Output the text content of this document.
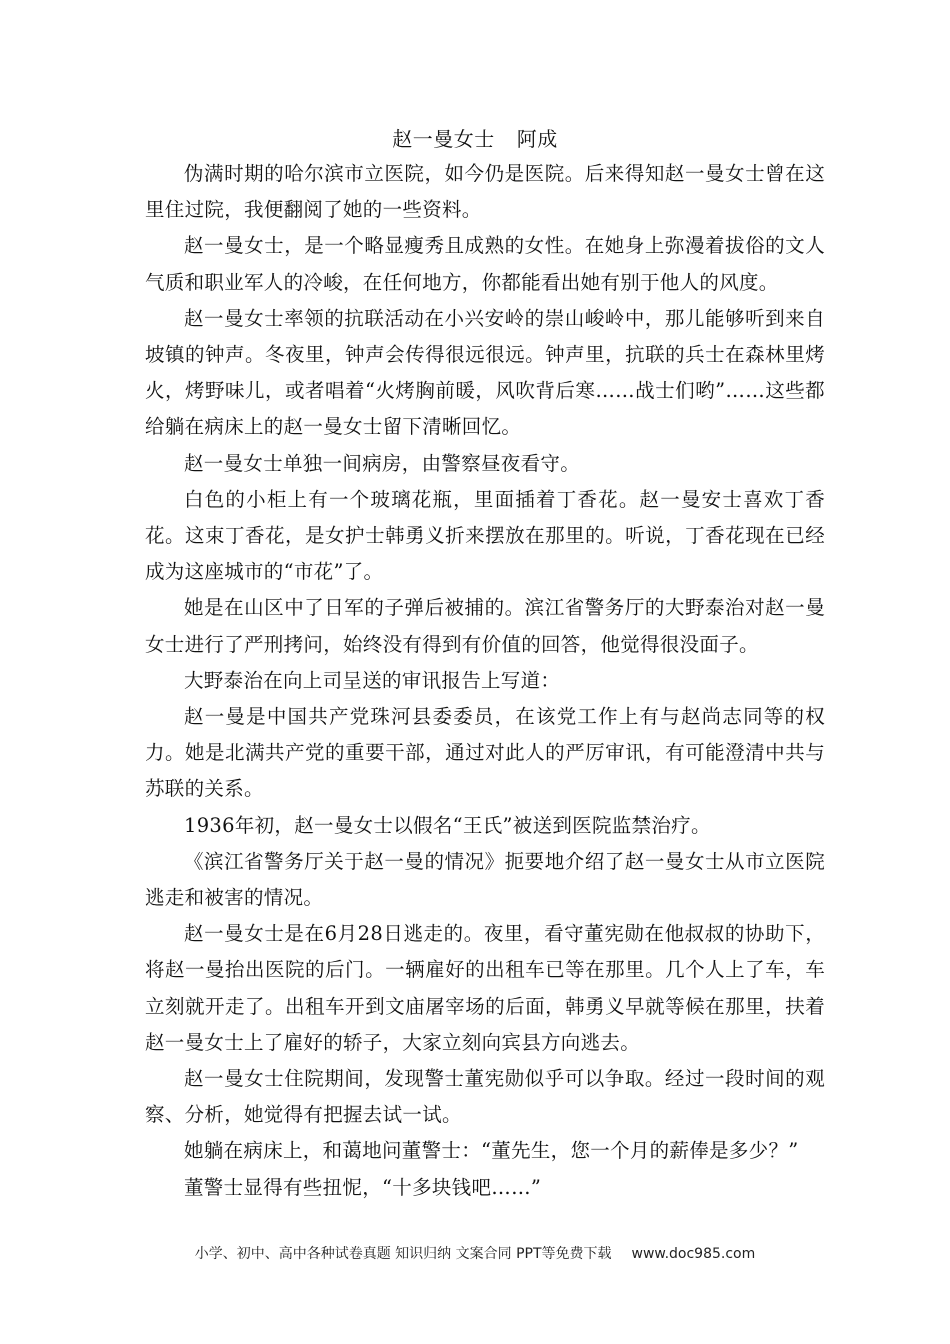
赵一曼女士 阿成

伪满时期的哈尔滨市立医院，如今仍是医院。后来得知赵一曼女士曾在这里住过院，我便翻阅了她的一些资料。

赵一曼女士，是一个略显瘦秀且成熟的女性。在她身上弥漫着拔俗的文人气质和职业军人的冷峻，在任何地方，你都能看出她有别于他人的风度。

赵一曼女士率领的抗联活动在小兴安岭的崇山峻岭中，那儿能够听到来自坡镇的钟声。冬夜里，钟声会传得很远很远。钟声里，抗联的兵士在森林里烤火，烤野味儿，或者唱着“火烤胸前暖，风吹背后寒……战士们哟”……这些都给躺在病床上的赵一曼女士留下清晰回忆。

赵一曼女士单独一间病房，由警察昼夜看守。

白色的小柜上有一个玻璃花瓶，里面插着丁香花。赵一曼安士喜欢丁香花。这束丁香花，是女护士韩勇义折来摆放在那里的。听说，丁香花现在已经成为这座城市的“市花”了。

她是在山区中了日军的子弹后被捕的。滨江省警务厅的大野泰治对赵一曼女士进行了严刑拷问，始终没有得到有价值的回答，他觉得很没面子。

大野泰治在向上司呈送的审讯报告上写道：

赵一曼是中国共产党珠河县委委员，在该党工作上有与赵尚志同等的权力。她是北满共产党的重要干部，通过对此人的严厉审讯，有可能澄清中共与苏联的关系。

1936年初，赵一曼女士以假名“王氏”被送到医院监禁治疗。

《滨江省警务厅关于赵一曼的情况》扼要地介绍了赵一曼女士从市立医院逃走和被害的情况。

赵一曼女士是在6月28日逃走的。夜里，看守董宪勋在他叔叔的协助下，将赵一曼抬出医院的后门。一辆雇好的出租车已等在那里。几个人上了车，车立刻就开走了。出租车开到文庙屠宰场的后面，韩勇义早就等候在那里，扶着赵一曼女士上了雇好的轿子，大家立刻向宾县方向逃去。

赵一曼女士住院期间，发现警士董宪勋似乎可以争取。经过一段时间的观察、分析，她觉得有把握去试一试。

她躺在病床上，和蔼地问董警士：“董先生，您一个月的薪俸是多少？”

董警士显得有些扭怩，“十多块钱吧……”

小学、初中、高中各种试卷真题 知识归纳 文案合同 PPT等免费下载 www.doc985.com
